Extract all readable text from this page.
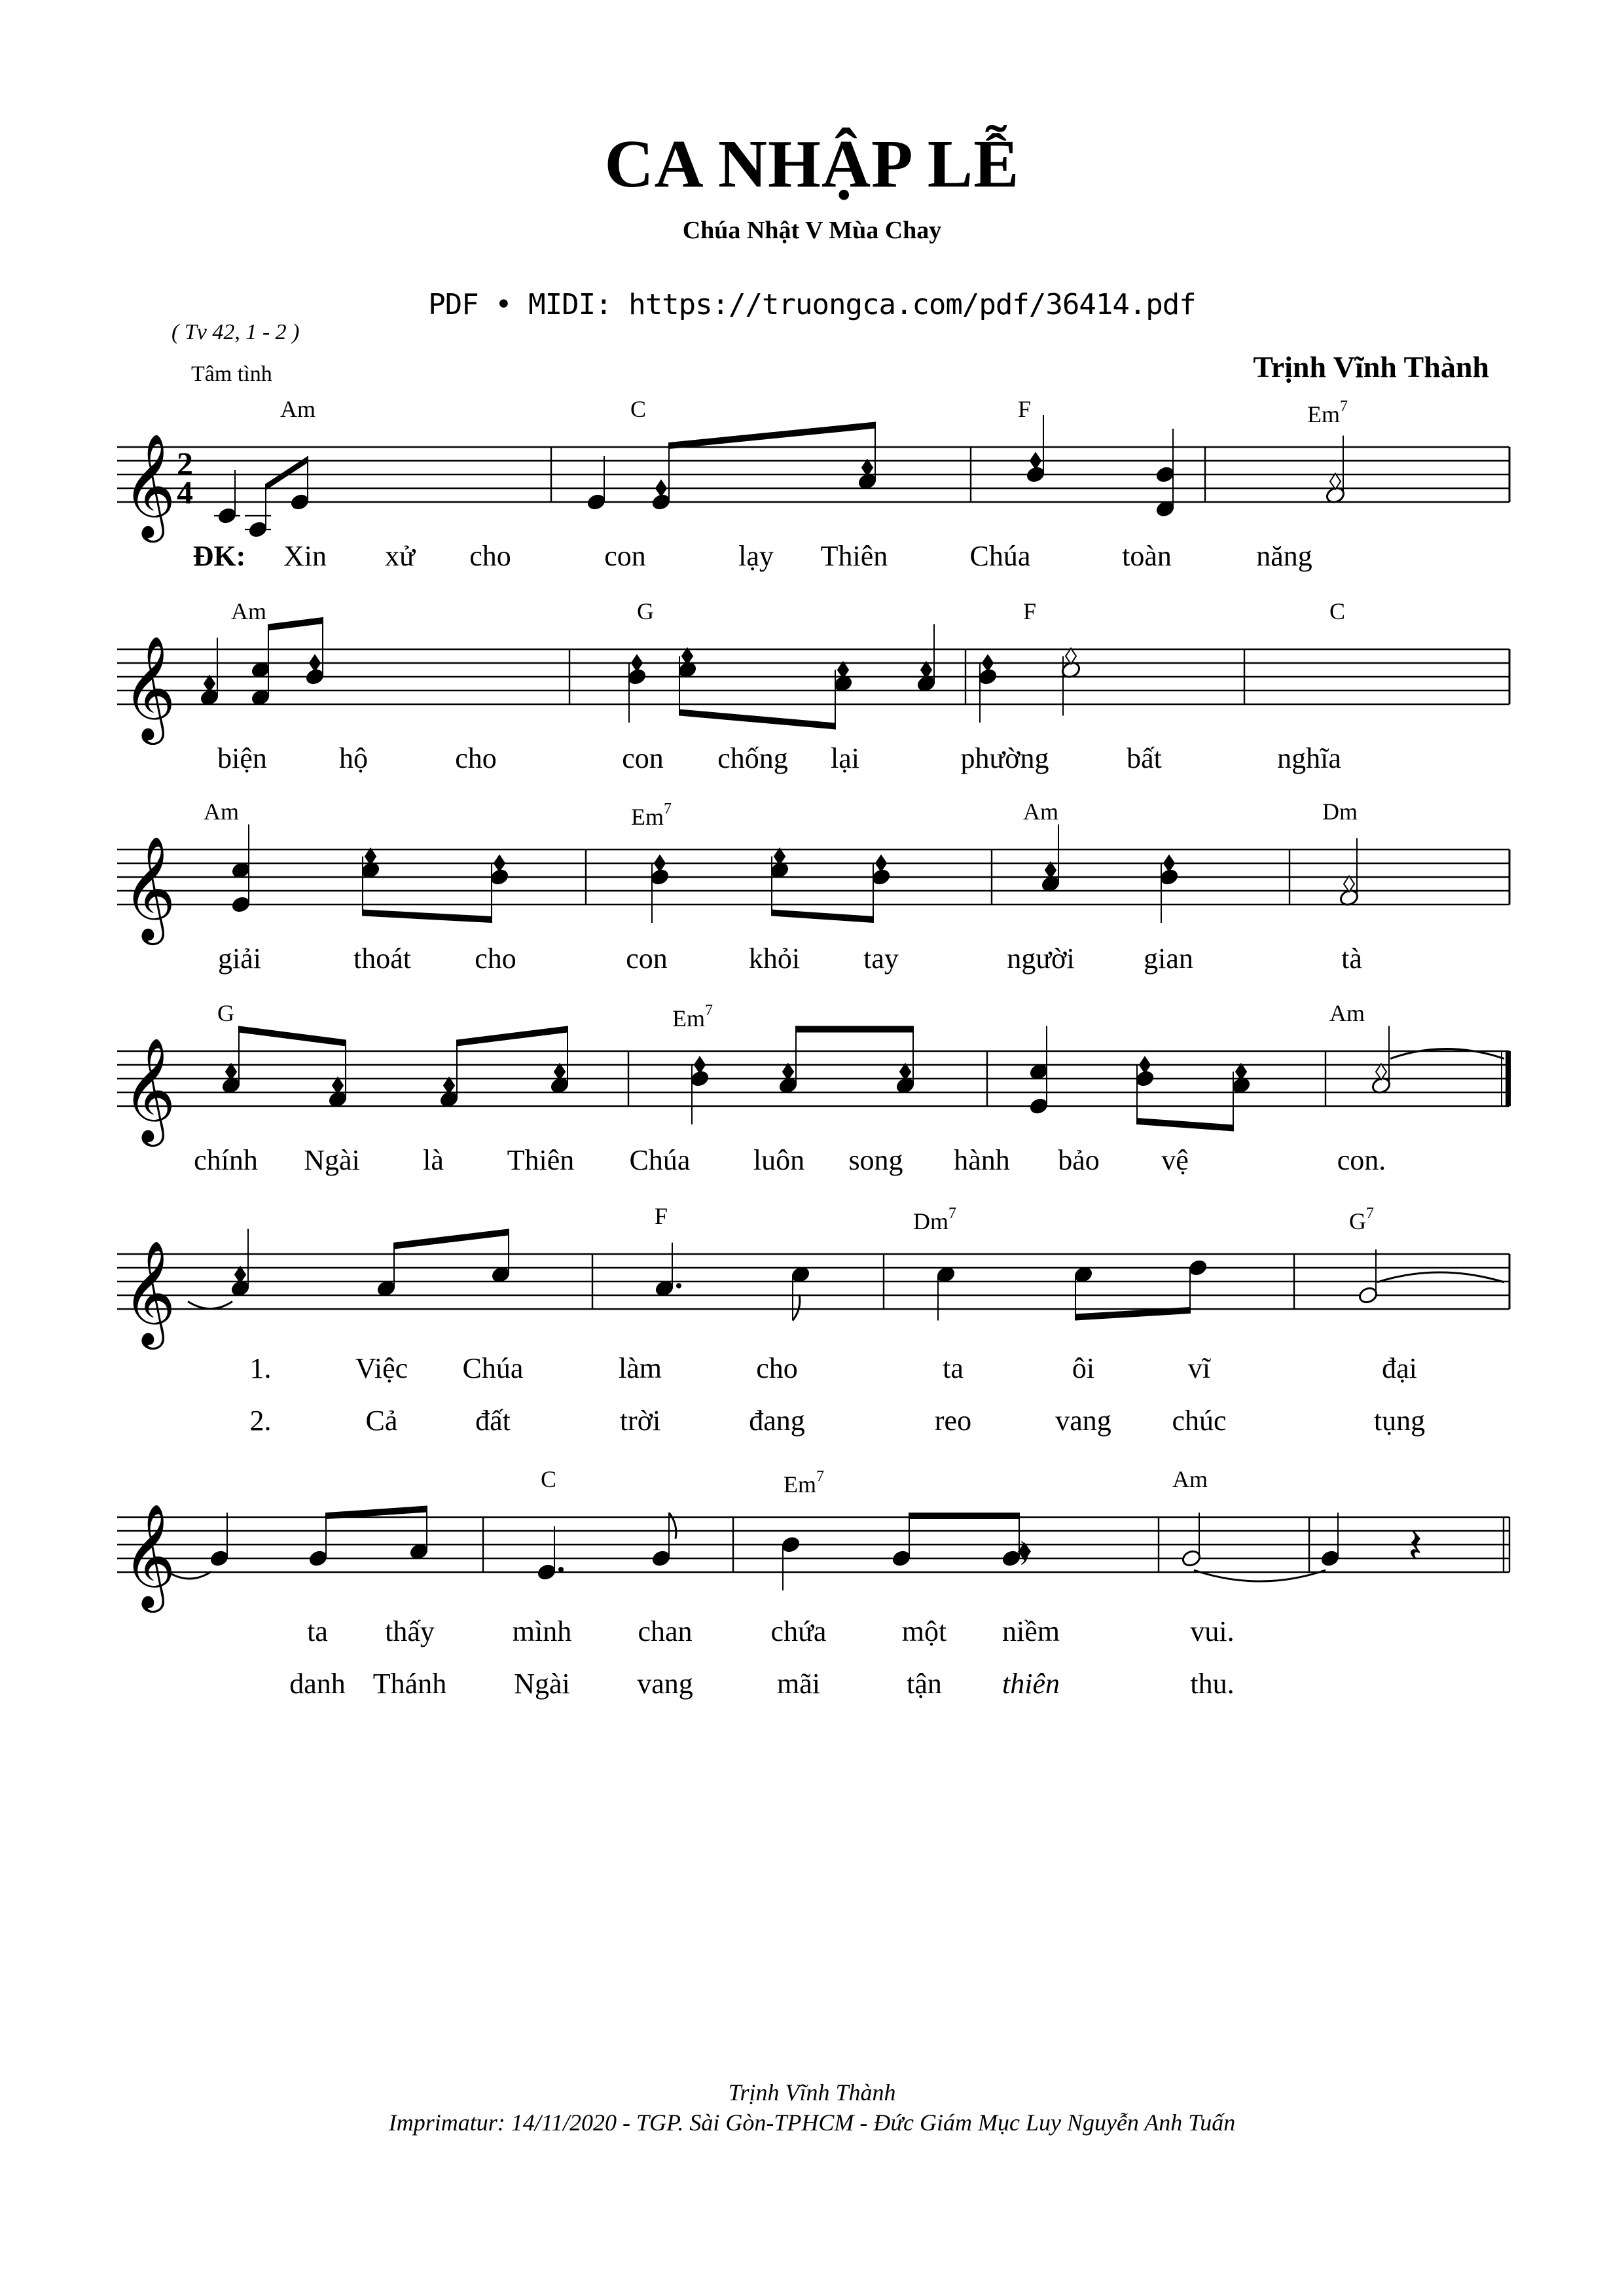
CA NHẬP LỄ
Chúa Nhật V Mùa Chay
PDF • MIDI: https://truongca.com/pdf/36414.pdf
( Tv 42, 1 - 2 )
Tâm tình	Trịnh Vĩnh Thành
𝄞 2
4
𝄞
𝄞
𝄞
𝄞
𝄞	)	𝄽
Am	C	F	Em$^7$
ĐK: Xin xử cho	con	lạy Thiên	Chúa	toàn	năng
Am	G	F	C
biện	hộ	cho	con chống lại	phường	bất	nghĩa
Am	Em$^7$	Am	Dm
giải	thoát cho	con	khỏi tay	người gian	tà
G	Em$^7$	Am
chính Ngài là Thiên Chúa luôn song hành bảo vệ	con.
F	Dm$^7$	$G^7$
1.	Việc Chúa	làm	cho	ta	ôi	vĩ	đại
2.	Cả	đất	trời	đang	reo	vang chúc	tụng
C	Em$^7$	Am
ta thấy	mình chan	chứa	một niềm	vui.
danh Thánh Ngài vang	mãi	tận thiên	thu.
Trịnh Vĩnh Thành
Imprimatur: 14/11/2020 - TGP. Sài Gòn-TPHCM - Đức Giám Mục Luy Nguyễn Anh Tuấn
